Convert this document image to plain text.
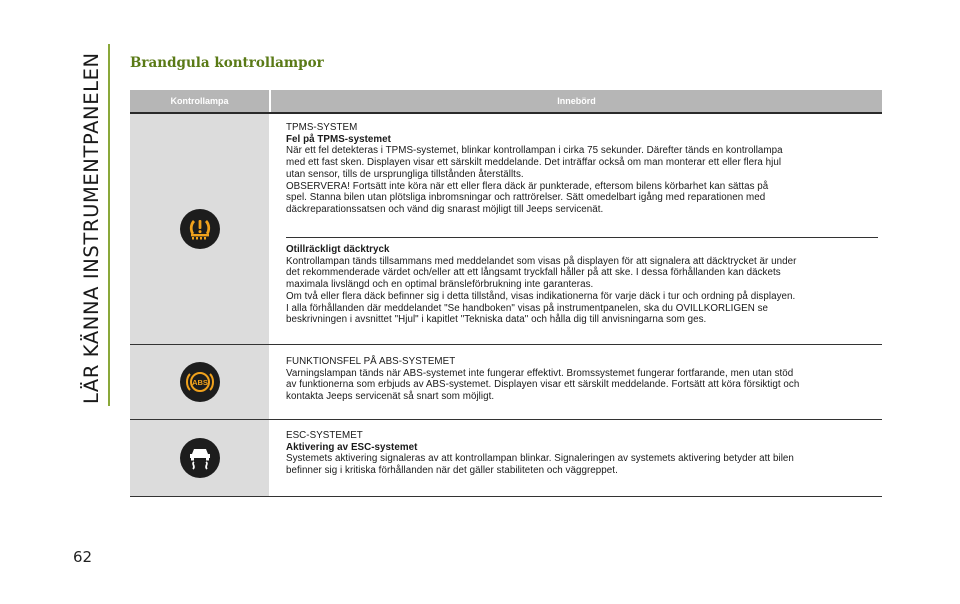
LÄR KÄNNA INSTRUMENTPANELEN
62
Brandgula kontrollampor
Kontrollampa	Innebörd
TPMS-SYSTEM
Fel på TPMS-systemet
När ett fel detekteras i TPMS-systemet, blinkar kontrollampan i cirka 75 sekunder. Därefter tänds en kontrollampa
med ett fast sken. Displayen visar ett särskilt meddelande. Det inträffar också om man monterar ett eller flera hjul
utan sensor, tills de ursprungliga tillstånden återställts.
OBSERVERA! Fortsätt inte köra när ett eller flera däck är punkterade, eftersom bilens körbarhet kan sättas på
spel. Stanna bilen utan plötsliga inbromsningar och rattrörelser. Sätt omedelbart igång med reparationen med
däckreparationssatsen och vänd dig snarast möjligt till Jeeps servicenät.
Otillräckligt däcktryck
Kontrollampan tänds tillsammans med meddelandet som visas på displayen för att signalera att däcktrycket är under
det rekommenderade värdet och/eller att ett långsamt tryckfall håller på att ske. I dessa förhållanden kan däckets
maximala livslängd och en optimal bränsleförbrukning inte garanteras.
Om två eller flera däck befinner sig i detta tillstånd, visas indikationerna för varje däck i tur och ordning på displayen.
I alla förhållanden där meddelandet "Se handboken" visas på instrumentpanelen, ska du OVILLKORLIGEN se
beskrivningen i avsnittet "Hjul" i kapitlet "Tekniska data" och hålla dig till anvisningarna som ges.
ABS
FUNKTIONSFEL PÅ ABS-SYSTEMET
Varningslampan tänds när ABS-systemet inte fungerar effektivt. Bromssystemet fungerar fortfarande, men utan stöd
av funktionerna som erbjuds av ABS-systemet. Displayen visar ett särskilt meddelande. Fortsätt att köra försiktigt och
kontakta Jeeps servicenät så snart som möjligt.
ESC-SYSTEMET
Aktivering av ESC-systemet
Systemets aktivering signaleras av att kontrollampan blinkar. Signaleringen av systemets aktivering betyder att bilen
befinner sig i kritiska förhållanden när det gäller stabiliteten och väggreppet.
